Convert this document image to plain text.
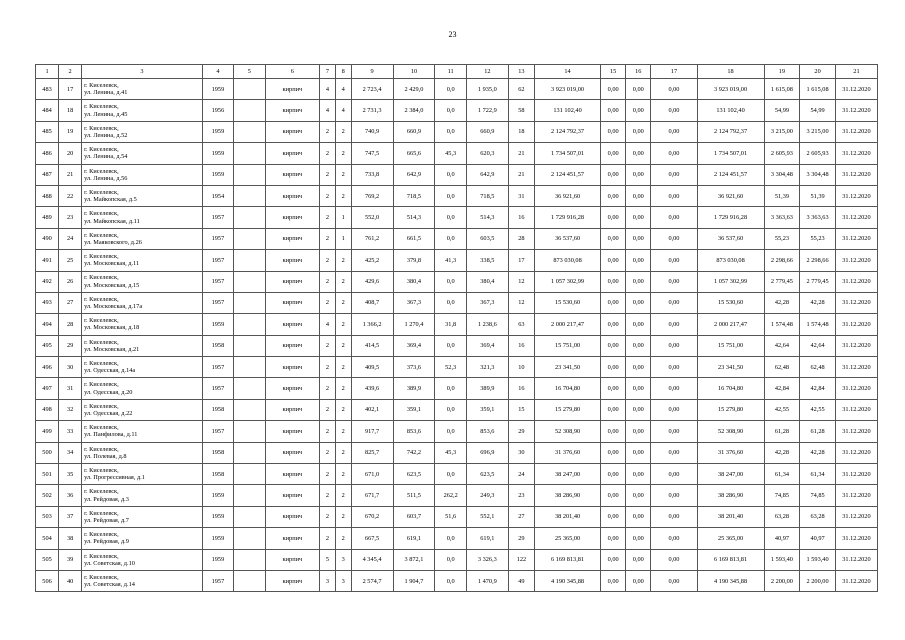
23
1	2	3	4	5	6	7	8	9	10	11	12	13	14	15	16	17	18	19	20	21
483	17	г. Киселевск,
ул. Ленина, д.41	1959		кирпич	4	4	2 723,4	2 429,0	0,0	1 935,0	62	3 923 019,00	0,00	0,00	0,00	3 923 019,00	1 615,08	1 615,08	31.12.2020
484	18	г. Киселевск,
ул. Ленина, д.45	1956		кирпич	4	4	2 731,3	2 384,0	0,0	1 722,9	58	131 102,40	0,00	0,00	0,00	131 102,40	54,99	54,99	31.12.2020
485	19	г. Киселевск,
ул. Ленина, д.52	1959		кирпич	2	2	740,9	660,9	0,0	660,9	18	2 124 792,37	0,00	0,00	0,00	2 124 792,37	3 215,00	3 215,00	31.12.2020
486	20	г. Киселевск,
ул. Ленина, д.54	1959		кирпич	2	2	747,5	665,6	45,3	620,3	21	1 734 507,01	0,00	0,00	0,00	1 734 507,01	2 605,93	2 605,93	31.12.2020
487	21	г. Киселевск,
ул. Ленина, д.56	1959		кирпич	2	2	733,8	642,9	0,0	642,9	21	2 124 451,57	0,00	0,00	0,00	2 124 451,57	3 304,48	3 304,48	31.12.2020
488	22	г. Киселевск,
ул. Майкопская, д.5	1954		кирпич	2	2	769,2	718,5	0,0	718,5	31	36 921,60	0,00	0,00	0,00	36 921,60	51,39	51,39	31.12.2020
489	23	г. Киселевск,
ул. Майкопская, д.11	1957		кирпич	2	1	552,0	514,3	0,0	514,3	16	1 729 916,28	0,00	0,00	0,00	1 729 916,28	3 363,63	3 363,63	31.12.2020
490	24	г. Киселевск,
ул. Маяковского, д.26	1957		кирпич	2	1	761,2	661,5	0,0	603,5	28	36 537,60	0,00	0,00	0,00	36 537,60	55,23	55,23	31.12.2020
491	25	г. Киселевск,
ул. Московская, д.11	1957		кирпич	2	2	425,2	379,8	41,3	338,5	17	873 030,08	0,00	0,00	0,00	873 030,08	2 298,66	2 298,66	31.12.2020
492	26	г. Киселевск,
ул. Московская, д.15	1957		кирпич	2	2	429,6	380,4	0,0	380,4	12	1 057 302,99	0,00	0,00	0,00	1 057 302,99	2 779,45	2 779,45	31.12.2020
493	27	г. Киселевск,
ул. Московская, д.17а	1957		кирпич	2	2	408,7	367,3	0,0	367,3	12	15 530,60	0,00	0,00	0,00	15 530,60	42,28	42,28	31.12.2020
494	28	г. Киселевск,
ул. Московская, д.18	1959		кирпич	4	2	1 366,2	1 270,4	31,8	1 238,6	63	2 000 217,47	0,00	0,00	0,00	2 000 217,47	1 574,48	1 574,48	31.12.2020
495	29	г. Киселевск,
ул. Московская, д.21	1958		кирпич	2	2	414,5	369,4	0,0	369,4	16	15 751,00	0,00	0,00	0,00	15 751,00	42,64	42,64	31.12.2020
496	30	г. Киселевск,
ул. Одесская, д.14а	1957		кирпич	2	2	409,5	373,6	52,3	321,3	10	23 341,50	0,00	0,00	0,00	23 341,50	62,48	62,48	31.12.2020
497	31	г. Киселевск,
ул. Одесская, д.20	1957		кирпич	2	2	439,6	389,9	0,0	389,9	16	16 704,80	0,00	0,00	0,00	16 704,80	42,84	42,84	31.12.2020
498	32	г. Киселевск,
ул. Одесская, д.22	1958		кирпич	2	2	402,1	359,1	0,0	359,1	15	15 279,80	0,00	0,00	0,00	15 279,80	42,55	42,55	31.12.2020
499	33	г. Киселевск,
ул. Панфилова, д.11	1957		кирпич	2	2	917,7	853,6	0,0	853,6	29	52 308,90	0,00	0,00	0,00	52 308,90	61,28	61,28	31.12.2020
500	34	г. Киселевск,
ул. Полевая, д.8	1958		кирпич	2	2	825,7	742,2	45,3	696,9	30	31 376,60	0,00	0,00	0,00	31 376,60	42,28	42,28	31.12.2020
501	35	г. Киселевск,
ул. Прогрессивная, д.1	1958		кирпич	2	2	671,0	623,5	0,0	623,5	24	38 247,00	0,00	0,00	0,00	38 247,00	61,34	61,34	31.12.2020
502	36	г. Киселевск,
ул. Рейдовая, д.3	1959		кирпич	2	2	671,7	511,5	262,2	249,3	23	38 286,90	0,00	0,00	0,00	38 286,90	74,85	74,85	31.12.2020
503	37	г. Киселевск,
ул. Рейдовая, д.7	1959		кирпич	2	2	670,2	603,7	51,6	552,1	27	38 201,40	0,00	0,00	0,00	38 201,40	63,28	63,28	31.12.2020
504	38	г. Киселевск,
ул. Рейдовая, д.9	1959		кирпич	2	2	667,5	619,1	0,0	619,1	29	25 365,00	0,00	0,00	0,00	25 365,00	40,97	40,97	31.12.2020
505	39	г. Киселевск,
ул. Советская, д.10	1959		кирпич	5	3	4 345,4	3 872,1	0,0	3 326,3	122	6 169 813,81	0,00	0,00	0,00	6 169 813,81	1 593,40	1 593,40	31.12.2020
506	40	г. Киселевск,
ул. Советская, д.14	1957		кирпич	3	3	2 574,7	1 904,7	0,0	1 470,9	49	4 190 345,88	0,00	0,00	0,00	4 190 345,88	2 200,00	2 200,00	31.12.2020
